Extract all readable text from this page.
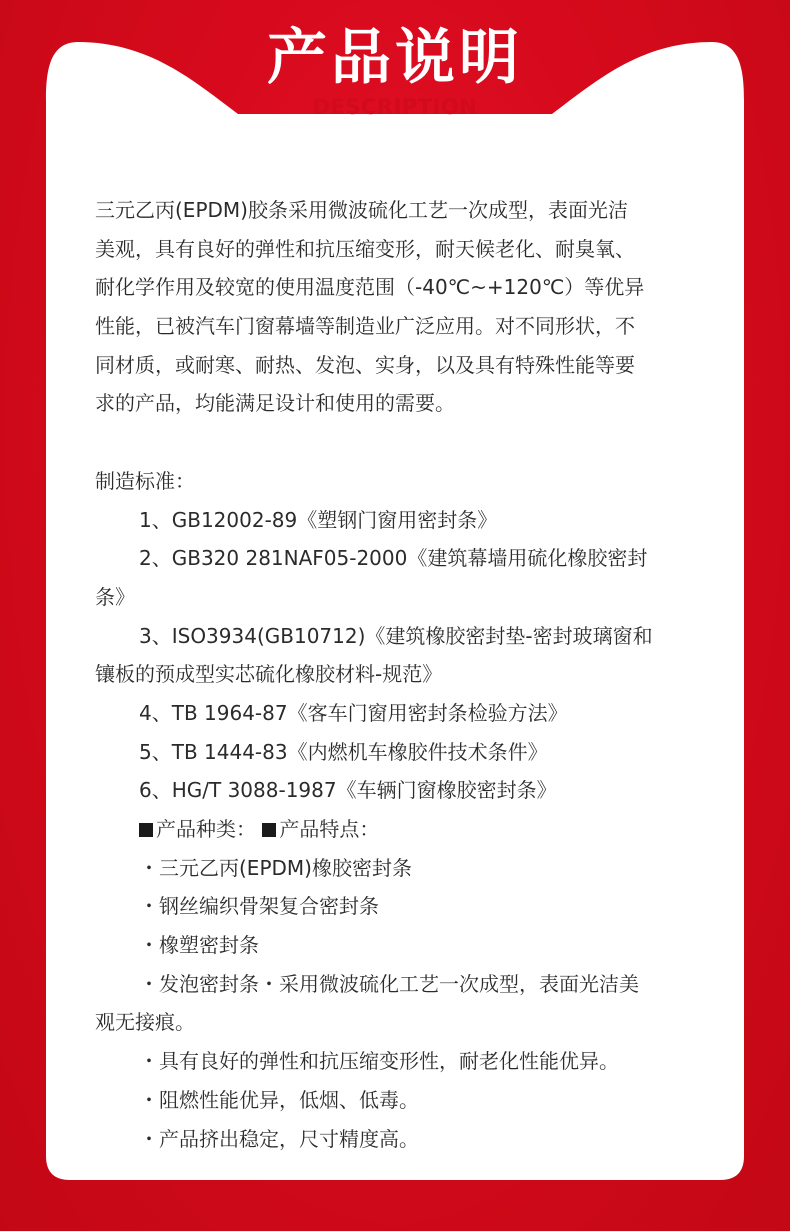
产品说明
DESCRIPTION
三元乙丙(EPDM)胶条采用微波硫化工艺一次成型，表面光洁
美观，具有良好的弹性和抗压缩变形，耐天候老化、耐臭氧、
耐化学作用及较宽的使用温度范围（-40℃~+120℃）等优异
性能，已被汽车门窗幕墙等制造业广泛应用。对不同形状，不
同材质，或耐寒、耐热、发泡、实身，以及具有特殊性能等要
求的产品，均能满足设计和使用的需要。
制造标准：
1、GB12002-89《塑钢门窗用密封条》
2、GB320 281NAF05-2000《建筑幕墙用硫化橡胶密封
条》
3、ISO3934(GB10712)《建筑橡胶密封垫-密封玻璃窗和
镶板的预成型实芯硫化橡胶材料-规范》
4、TB 1964-87《客车门窗用密封条检验方法》
5、TB 1444-83《内燃机车橡胶件技术条件》
6、HG/T 3088-1987《车辆门窗橡胶密封条》
产品种类： 产品特点：
・三元乙丙(EPDM)橡胶密封条
・钢丝编织骨架复合密封条
・橡塑密封条
・发泡密封条・采用微波硫化工艺一次成型，表面光洁美
观无接痕。
・具有良好的弹性和抗压缩变形性，耐老化性能优异。
・阻燃性能优异，低烟、低毒。
・产品挤出稳定，尺寸精度高。
